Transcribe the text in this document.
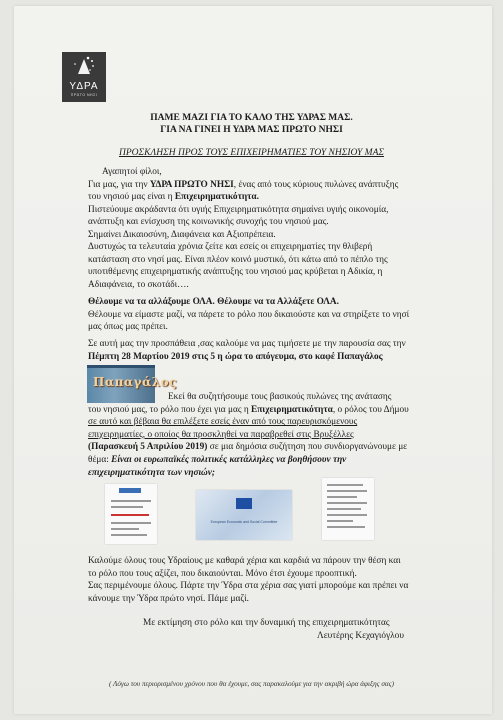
ΥΔΡΑ
ΠΡΩΤΟ ΝΗΣΙ
ΠΑΜΕ ΜΑΖΙ ΓΙΑ ΤΟ ΚΑΛΟ ΤΗΣ ΥΔΡΑΣ ΜΑΣ.
ΓΙΑ ΝΑ ΓΙΝΕΙ Η ΥΔΡΑ ΜΑΣ ΠΡΩΤΟ ΝΗΣΙ
ΠΡΟΣΚΛΗΣΗ ΠΡΟΣ ΤΟΥΣ ΕΠΙΧΕΙΡΗΜΑΤΙΕΣ ΤΟΥ ΝΗΣΙΟΥ ΜΑΣ
Αγαπητοί φίλοι,
Για μας, για την ΥΔΡΑ ΠΡΩΤΟ ΝΗΣΙ, ένας από τους κύριους πυλώνες ανάπτυξης
του νησιού μας είναι η Επιχειρηματικότητα.
Πιστεύουμε ακράδαντα ότι υγιής Επιχειρηματικότητα σημαίνει υγιής οικονομία,
ανάπτυξη και ενίσχυση της κοινωνικής συνοχής του νησιού μας.
Σημαίνει Δικαιοσύνη, Διαφάνεια και Αξιοπρέπεια.
Δυστυχώς τα τελευταία χρόνια ζείτε και εσείς οι επιχειρηματίες την θλιβερή
κατάσταση στο νησί μας. Είναι πλέον κοινό μυστικό, ότι κάτω από το πέπλο της
υποτιθέμενης επιχειρηματικής ανάπτυξης του νησιού μας κρύβεται η Αδικία, η
Αδιαφάνεια, το σκοτάδι….
Θέλουμε να τα αλλάξουμε ΟΛΑ. Θέλουμε να τα Αλλάξετε ΟΛΑ.
Θέλουμε να είμαστε μαζί, να πάρετε το ρόλο που δικαιούστε και να στηρίξετε το νησί
μας όπως μας πρέπει.
Σε αυτή μας την προσπάθεια ,σας καλούμε να μας τιμήσετε με την παρουσία σας την
Πέμπτη 28 Μαρτίου 2019 στις 5 η ώρα το απόγευμα, στο καφέ Παπαγάλος
Παπαγάλος
Εκεί θα συζητήσουμε τους βασικούς πυλώνες της ανάτασης
του νησιού μας, το ρόλο που έχει για μας η Επιχειρηματικότητα, ο ρόλος του Δήμου
σε αυτό και βέβαια θα επιλέξετε εσείς έναν από τους παρευρισκόμενους
επιχειρηματίες, ο οποίος θα προσκληθεί να παραβρεθεί στις Βρυξέλλες
(Παρασκευή 5 Απριλίου 2019) σε μια δημόσια συζήτηση που συνδιοργανώνουμε με
θέμα: Είναι οι ευρωπαϊκές πολιτικές κατάλληλες να βοηθήσουν την
επιχειρηματικότητα των νησιών;
European Economic and Social Committee
Καλούμε όλους τους Υδραίους με καθαρά χέρια και καρδιά να πάρουν την θέση και
το ρόλο που τους αξίζει, που δικαιούνται. Μόνο έτσι έχουμε προοπτική.
Σας περιμένουμε όλους. Πάρτε την Ύδρα στα χέρια σας γιατί μπορούμε και πρέπει να
κάνουμε την Ύδρα πρώτο νησί. Πάμε μαζί.
Με εκτίμηση στο ρόλο και την δυναμική της επιχειρηματικότητας
Λευτέρης Κεχαγιόγλου
( Λόγω του περιορισμένου χρόνου που θα έχουμε, σας παρακαλούμε για την ακριβή ώρα άφιξης σας)
